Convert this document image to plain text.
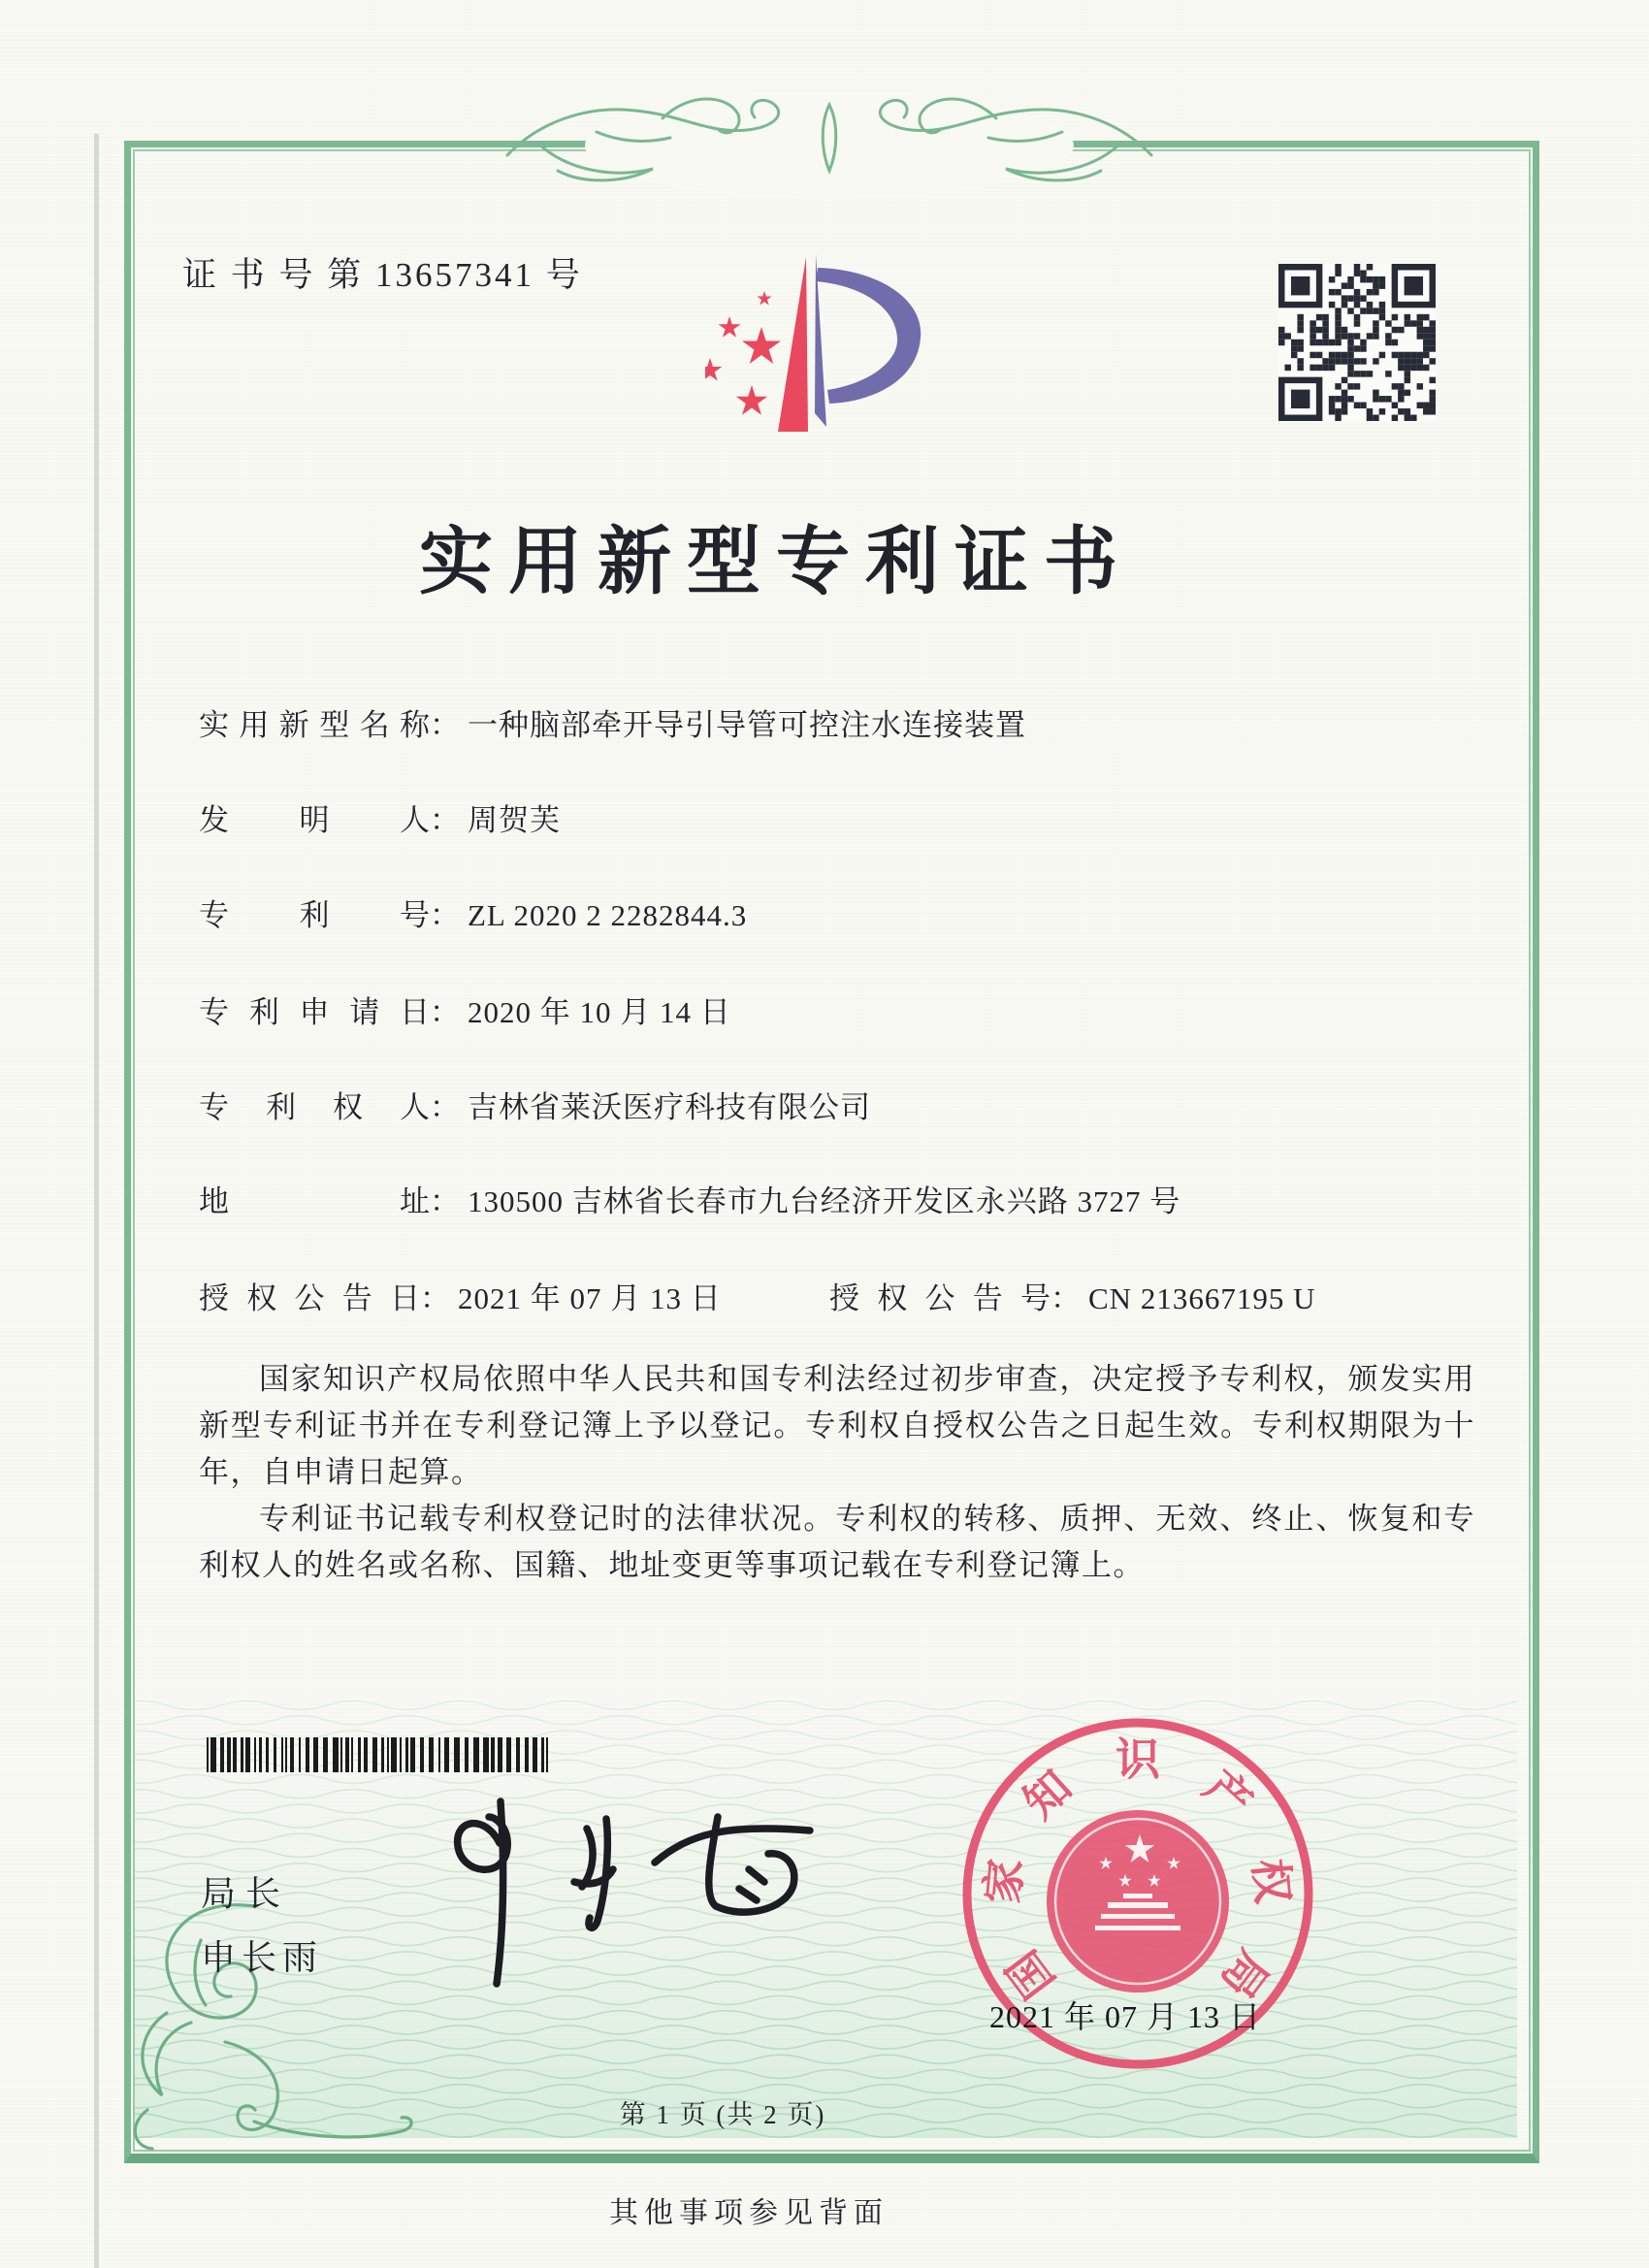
证 书 号 第 13657341 号
实用新型专利证书
实用新型名称： 一种脑部牵开导引导管可控注水连接装置
发明人： 周贺芙
专利号： ZL 2020 2 2282844.3
专利申请日： 2020 年 10 月 14 日
专利权人： 吉林省莱沃医疗科技有限公司
地址： 130500 吉林省长春市九台经济开发区永兴路 3727 号
授权公告日： 2021 年 07 月 13 日	授权公告号： CN 213667195 U

国家知识产权局依照中华人民共和国专利法经过初步审查，决定授予专利权，颁发实用新型专利证书并在专利登记簿上予以登记。专利权自授权公告之日起生效。专利权期限为十年，自申请日起算。

专利证书记载专利权登记时的法律状况。专利权的转移、质押、无效、终止、恢复和专利权人的姓名或名称、国籍、地址变更等事项记载在专利登记簿上。

局长
申长雨	国
家
知
识
产
权
局
2021 年 07 月 13 日
第 1 页 (共 2 页)
其他事项参见背面
